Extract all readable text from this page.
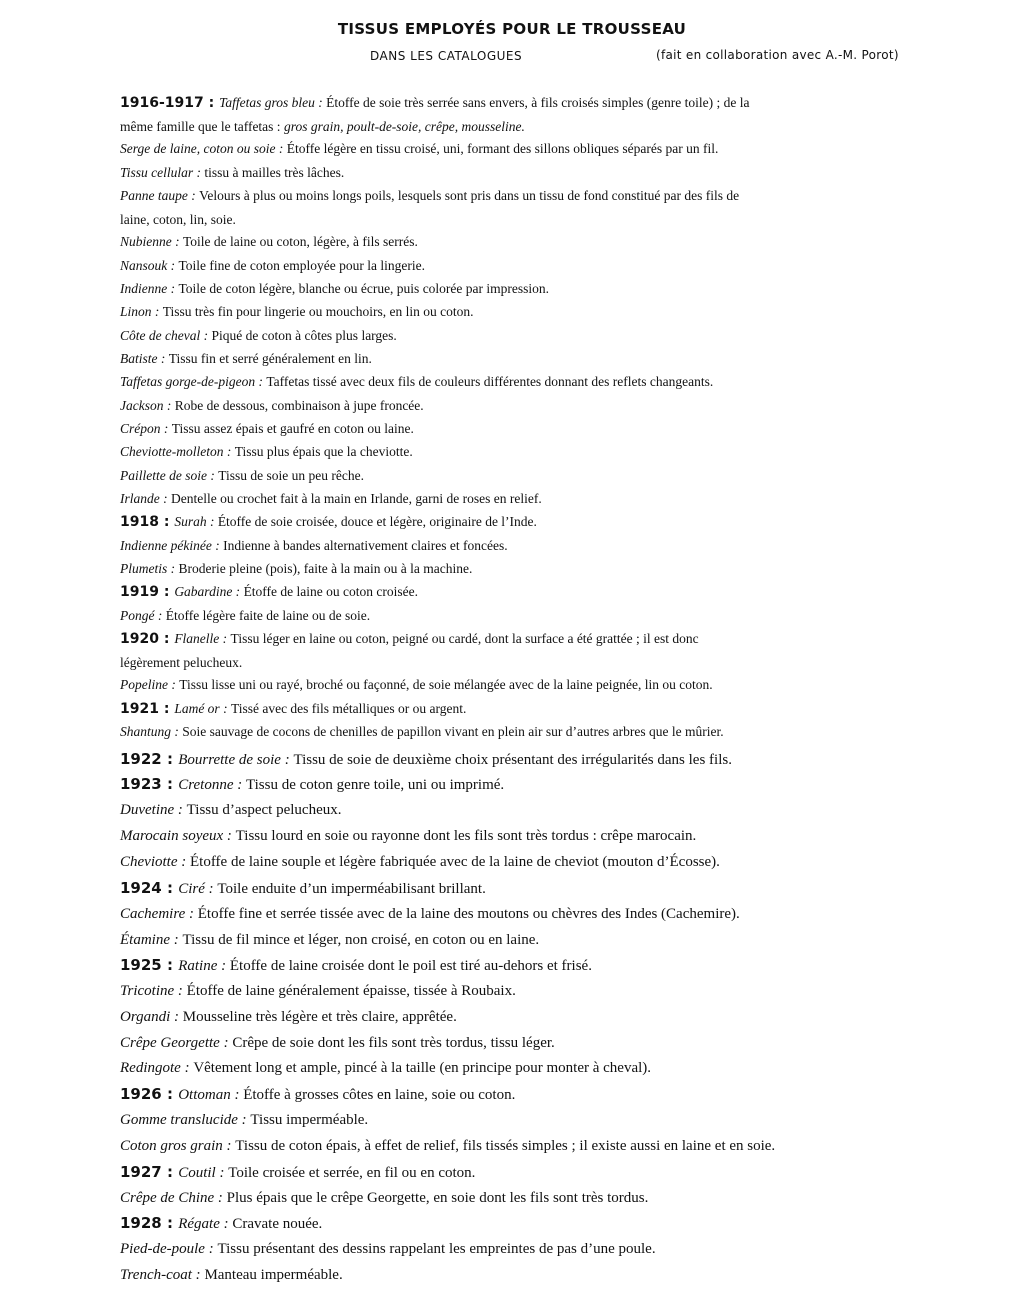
TISSUS EMPLOYÉS POUR LE TROUSSEAU
DANS LES CATALOGUES	(fait en collaboration avec A.-M. Porot)
1916-1917 : Taffetas gros bleu : Étoffe de soie très serrée sans envers, à fils croisés simples (genre toile) ; de la
même famille que le taffetas : gros grain, poult-de-soie, crêpe, mousseline.
Serge de laine, coton ou soie : Étoffe légère en tissu croisé, uni, formant des sillons obliques séparés par un fil.
Tissu cellular : tissu à mailles très lâches.
Panne taupe : Velours à plus ou moins longs poils, lesquels sont pris dans un tissu de fond constitué par des fils de
laine, coton, lin, soie.
Nubienne : Toile de laine ou coton, légère, à fils serrés.
Nansouk : Toile fine de coton employée pour la lingerie.
Indienne : Toile de coton légère, blanche ou écrue, puis colorée par impression.
Linon : Tissu très fin pour lingerie ou mouchoirs, en lin ou coton.
Côte de cheval : Piqué de coton à côtes plus larges.
Batiste : Tissu fin et serré généralement en lin.
Taffetas gorge-de-pigeon : Taffetas tissé avec deux fils de couleurs différentes donnant des reflets changeants.
Jackson : Robe de dessous, combinaison à jupe froncée.
Crépon : Tissu assez épais et gaufré en coton ou laine.
Cheviotte-molleton : Tissu plus épais que la cheviotte.
Paillette de soie : Tissu de soie un peu rêche.
Irlande : Dentelle ou crochet fait à la main en Irlande, garni de roses en relief.
1918 : Surah : Étoffe de soie croisée, douce et légère, originaire de l’Inde.
Indienne pékinée : Indienne à bandes alternativement claires et foncées.
Plumetis : Broderie pleine (pois), faite à la main ou à la machine.
1919 : Gabardine : Étoffe de laine ou coton croisée.
Pongé : Étoffe légère faite de laine ou de soie.
1920 : Flanelle : Tissu léger en laine ou coton, peigné ou cardé, dont la surface a été grattée ; il est donc
légèrement pelucheux.
Popeline : Tissu lisse uni ou rayé, broché ou façonné, de soie mélangée avec de la laine peignée, lin ou coton.
1921 : Lamé or : Tissé avec des fils métalliques or ou argent.
Shantung : Soie sauvage de cocons de chenilles de papillon vivant en plein air sur d’autres arbres que le mûrier.
1922 : Bourrette de soie : Tissu de soie de deuxième choix présentant des irrégularités dans les fils.
1923 : Cretonne : Tissu de coton genre toile, uni ou imprimé.
Duvetine : Tissu d’aspect pelucheux.
Marocain soyeux : Tissu lourd en soie ou rayonne dont les fils sont très tordus : crêpe marocain.
Cheviotte : Étoffe de laine souple et légère fabriquée avec de la laine de cheviot (mouton d’Écosse).
1924 : Ciré : Toile enduite d’un imperméabilisant brillant.
Cachemire : Étoffe fine et serrée tissée avec de la laine des moutons ou chèvres des Indes (Cachemire).
Étamine : Tissu de fil mince et léger, non croisé, en coton ou en laine.
1925 : Ratine : Étoffe de laine croisée dont le poil est tiré au-dehors et frisé.
Tricotine : Étoffe de laine généralement épaisse, tissée à Roubaix.
Organdi : Mousseline très légère et très claire, apprêtée.
Crêpe Georgette : Crêpe de soie dont les fils sont très tordus, tissu léger.
Redingote : Vêtement long et ample, pincé à la taille (en principe pour monter à cheval).
1926 : Ottoman : Étoffe à grosses côtes en laine, soie ou coton.
Gomme translucide : Tissu imperméable.
Coton gros grain : Tissu de coton épais, à effet de relief, fils tissés simples ; il existe aussi en laine et en soie.
1927 : Coutil : Toile croisée et serrée, en fil ou en coton.
Crêpe de Chine : Plus épais que le crêpe Georgette, en soie dont les fils sont très tordus.
1928 : Régate : Cravate nouée.
Pied-de-poule : Tissu présentant des dessins rappelant les empreintes de pas d’une poule.
Trench-coat : Manteau imperméable.
